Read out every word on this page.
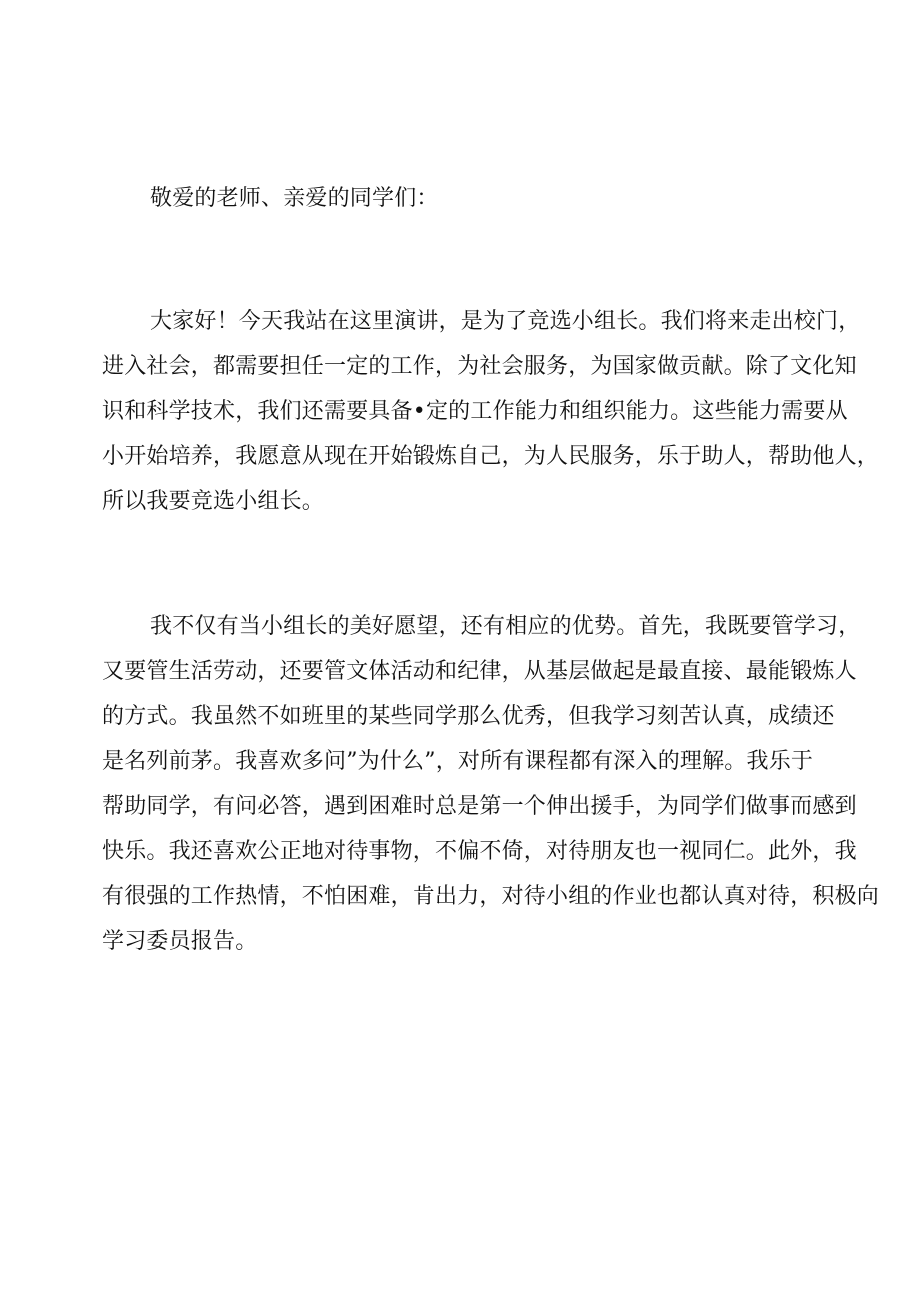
敬爱的老师、亲爱的同学们：
大家好！今天我站在这里演讲，是为了竞选小组长。我们将来走出校门，
进入社会，都需要担任一定的工作，为社会服务，为国家做贡献。除了文化知
识和科学技术，我们还需要具备•定的工作能力和组织能力。这些能力需要从
小开始培养，我愿意从现在开始锻炼自己，为人民服务，乐于助人，帮助他人，
所以我要竞选小组长。
我不仅有当小组长的美好愿望，还有相应的优势。首先，我既要管学习，
又要管生活劳动，还要管文体活动和纪律，从基层做起是最直接、最能锻炼人
的方式。我虽然不如班里的某些同学那么优秀，但我学习刻苦认真，成绩还
是名列前茅。我喜欢多问”为什么”，对所有课程都有深入的理解。我乐于
帮助同学，有问必答，遇到困难时总是第一个伸出援手，为同学们做事而感到
快乐。我还喜欢公正地对待事物，不偏不倚，对待朋友也一视同仁。此外，我
有很强的工作热情，不怕困难，肯出力，对待小组的作业也都认真对待，积极向
学习委员报告。
